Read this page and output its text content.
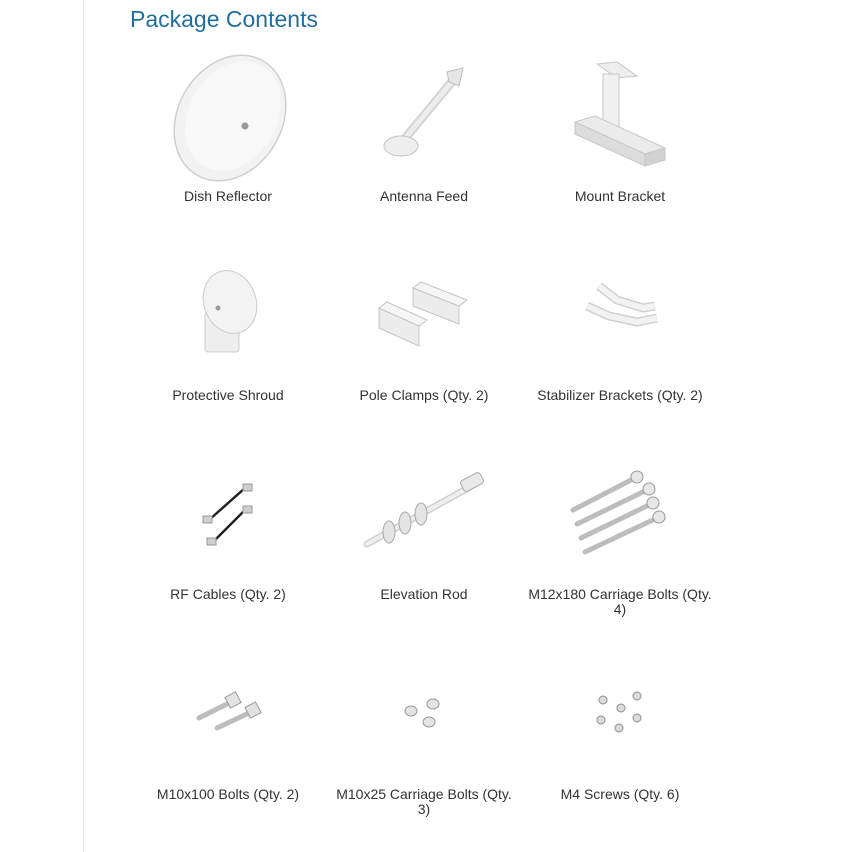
Package Contents
Dish Reflector	Antenna Feed	Mount Bracket
Protective Shroud	Pole Clamps (Qty. 2)	Stabilizer Brackets (Qty. 2)
RF Cables (Qty. 2)	Elevation Rod	M12x180 Carriage Bolts (Qty. 4)
M10x100 Bolts (Qty. 2)	M10x25 Carriage Bolts (Qty. 3)
M4 Screws (Qty. 6)
